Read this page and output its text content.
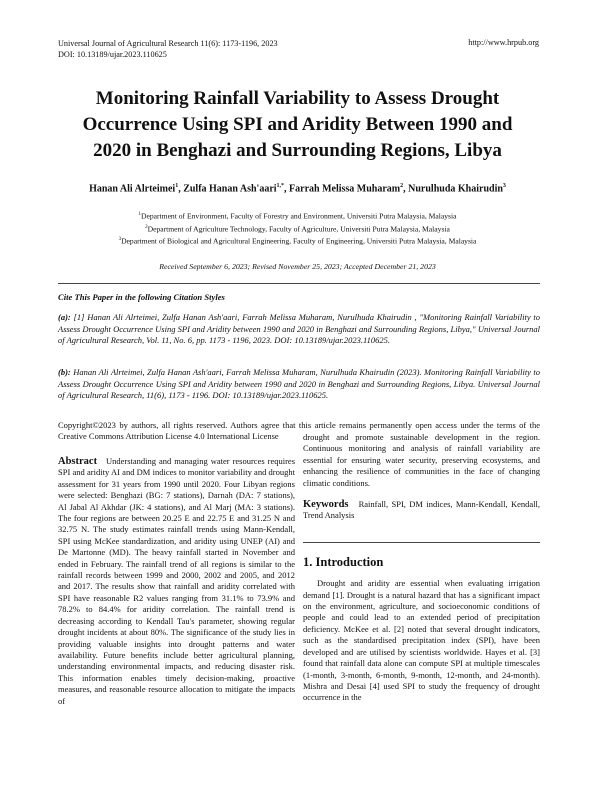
Universal Journal of Agricultural Research 11(6): 1173-1196, 2023
DOI: 10.13189/ujar.2023.110625
http://www.hrpub.org
Monitoring Rainfall Variability to Assess Drought
Occurrence Using SPI and Aridity Between 1990 and
2020 in Benghazi and Surrounding Regions, Libya
Hanan Ali Alrteimei$^1$, Zulfa Hanan Ash'aari$^{1,*}$, Farrah Melissa Muharam$^2$, Nurulhuda Khairudin$^3$
$^1$Department of Environment, Faculty of Forestry and Environment, Universiti Putra Malaysia, Malaysia
$^2$Department of Agriculture Technology, Faculty of Agriculture, Universiti Putra Malaysia, Malaysia
$^3$Department of Biological and Agricultural Engineering, Faculty of Engineering, Universiti Putra Malaysia, Malaysia
Received September 6, 2023; Revised November 25, 2023; Accepted December 21, 2023
Cite This Paper in the following Citation Styles
(a): [1] Hanan Ali Alrteimei, Zulfa Hanan Ash'aari, Farrah Melissa Muharam, Nurulhuda Khairudin , "Monitoring Rainfall Variability to Assess Drought Occurrence Using SPI and Aridity between 1990 and 2020 in Benghazi and Surrounding Regions, Libya," Universal Journal of Agricultural Research, Vol. 11, No. 6, pp. 1173 - 1196, 2023. DOI: 10.13189/ujar.2023.110625.
(b): Hanan Ali Alrteimei, Zulfa Hanan Ash'aari, Farrah Melissa Muharam, Nurulhuda Khairudin (2023). Monitoring Rainfall Variability to Assess Drought Occurrence Using SPI and Aridity between 1990 and 2020 in Benghazi and Surrounding Regions, Libya. Universal Journal of Agricultural Research, 11(6), 1173 - 1196. DOI: 10.13189/ujar.2023.110625.
Copyright©2023 by authors, all rights reserved. Authors agree that this article remains permanently open access under the terms of the Creative Commons Attribution License 4.0 International License

Abstract Understanding and managing water resources requires SPI and aridity AI and DM indices to monitor variability and drought assessment for 31 years from 1990 until 2020. Four Libyan regions were selected: Benghazi (BG: 7 stations), Darnah (DA: 7 stations), Al Jabal Al Akhdar (JK: 4 stations), and Al Marj (MA: 3 stations). The four regions are between 20.25 E and 22.75 E and 31.25 N and 32.75 N. The study estimates rainfall trends using Mann-Kendall, SPI using McKee standardization, and aridity using UNEP (AI) and De Martonne (MD). The heavy rainfall started in November and ended in February. The rainfall trend of all regions is similar to the rainfall records between 1999 and 2000, 2002 and 2005, and 2012 and 2017. The results show that rainfall and aridity correlated with SPI have reasonable R2 values ranging from 31.1% to 73.9% and 78.2% to 84.4% for aridity correlation. The rainfall trend is decreasing according to Kendall Tau's parameter, showing regular drought incidents at about 80%. The significance of the study lies in providing valuable insights into drought patterns and water availability. Future benefits include better agricultural planning, understanding environmental impacts, and reducing disaster risk. This information enables timely decision-making, proactive measures, and reasonable resource allocation to mitigate the impacts of

drought and promote sustainable development in the region. Continuous monitoring and analysis of rainfall variability are essential for ensuring water security, preserving ecosystems, and enhancing the resilience of communities in the face of changing climatic conditions.

Keywords Rainfall, SPI, DM indices, Mann-Kendall, Kendall, Trend Analysis

1. Introduction

Drought and aridity are essential when evaluating irrigation demand [1]. Drought is a natural hazard that has a significant impact on the environment, agriculture, and socioeconomic conditions of people and could lead to an extended period of precipitation deficiency. McKee et al. [2] noted that several drought indicators, such as the standardised precipitation index (SPI), have been developed and are utilised by scientists worldwide. Hayes et al. [3] found that rainfall data alone can compute SPI at multiple timescales (1-month, 3-month, 6-month, 9-month, 12-month, and 24-month). Mishra and Desai [4] used SPI to study the frequency of drought occurrence in the
